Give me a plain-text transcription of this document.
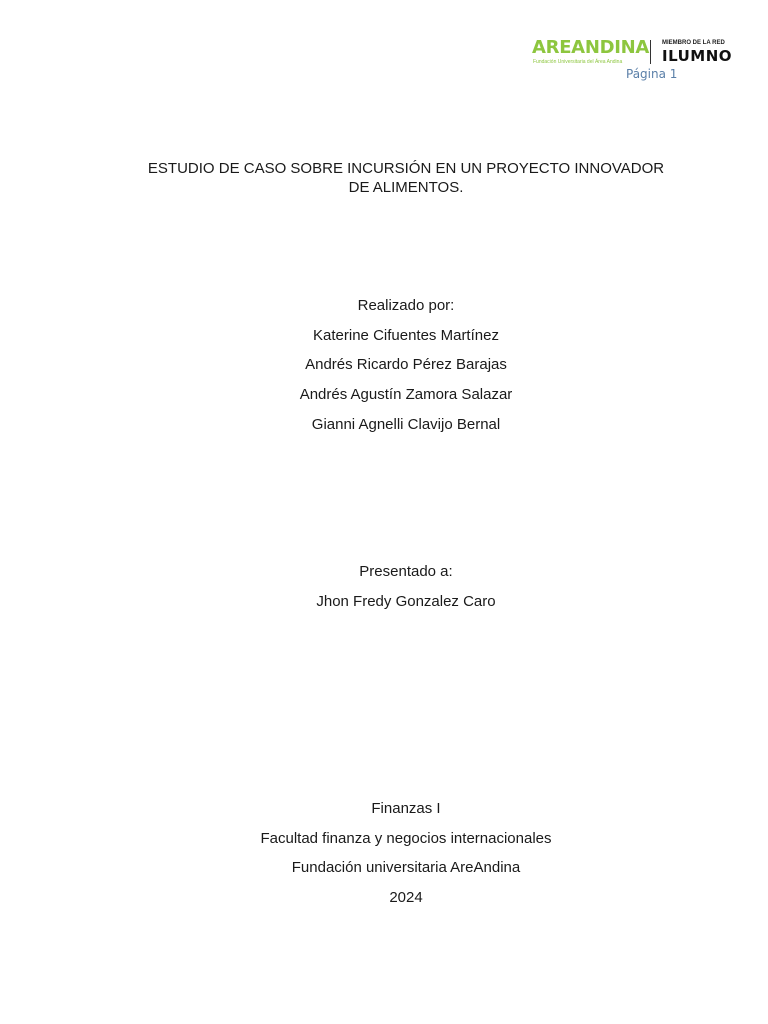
AREANDINA
Fundación Universitaria del Área Andina
MIEMBRO DE LA RED
ILUMNO
Página 1
ESTUDIO DE CASO SOBRE INCURSIÓN EN UN PROYECTO INNOVADOR
DE ALIMENTOS.
Realizado por:
Katerine Cifuentes Martínez
Andrés Ricardo Pérez Barajas
Andrés Agustín Zamora Salazar
Gianni Agnelli Clavijo Bernal
Presentado a:
Jhon Fredy Gonzalez Caro
Finanzas I
Facultad finanza y negocios internacionales
Fundación universitaria AreAndina
2024
